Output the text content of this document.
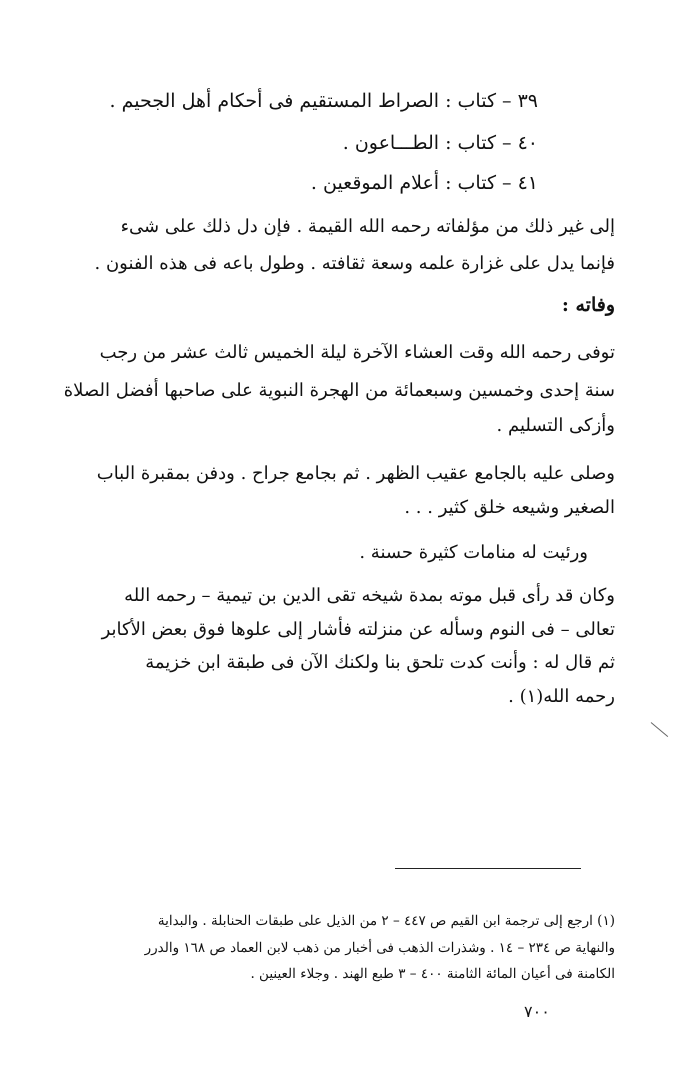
٣٩ – كتاب : الصراط المستقيم فى أحكام أهل الجحيم .
٤٠ – كتاب : الطـــاعون .
٤١ – كتاب : أعلام الموقعين .
إلى غير ذلك من مؤلفاته رحمه الله القيمة . فإن دل ذلك على شىء
فإنما يدل على غزارة علمه وسعة ثقافته . وطول باعه فى هذه الفنون .
وفاته :
توفى رحمه الله وقت العشاء الآخرة ليلة الخميس ثالث عشر من رجب
سنة إحدى وخمسين وسبعمائة من الهجرة النبوية على صاحبها أفضل الصلاة
وأزكى التسليم .
وصلى عليه بالجامع عقيب الظهر . ثم بجامع جراح . ودفن بمقبرة الباب
الصغير وشيعه خلق كثير . . .
ورئيت له منامات كثيرة حسنة .
وكان قد رأى قبل موته بمدة شيخه تقى الدين بن تيمية – رحمه الله
تعالى – فى النوم وسأله عن منزلته فأشار إلى علوها فوق بعض الأكابر
ثم قال له : وأنت كدت تلحق بنا ولكنك الآن فى طبقة ابن خزيمة
رحمه الله(١) .
(١) ارجع إلى ترجمة ابن القيم ص ٤٤٧ – ٢ من الذيل على طبقات الحنابلة . والبداية
والنهاية ص ٢٣٤ – ١٤ . وشذرات الذهب فى أخبار من ذهب لابن العماد ص ١٦٨ والدرر
الكامنة فى أعيان المائة الثامنة ٤٠٠ – ٣ طبع الهند . وجلاء العينين .
٧٠٠
